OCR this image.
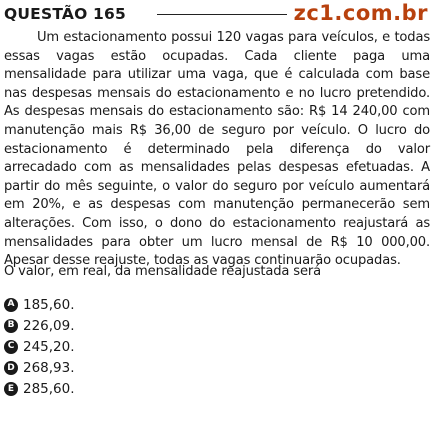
QUESTÃO 165	zc1.com.br

Um estacionamento possui 120 vagas para veículos, e todas essas vagas estão ocupadas. Cada cliente paga uma mensalidade para utilizar uma vaga, que é calculada com base nas despesas mensais do estacionamento e no lucro pretendido. As despesas mensais do estacionamento são: R$ 14 240,00 com manutenção mais R$ 36,00 de seguro por veículo. O lucro do estacionamento é determinado pela diferença do valor arrecadado com as mensalidades pelas despesas efetuadas. A partir do mês seguinte, o valor do seguro por veículo aumentará em 20%, e as despesas com manutenção permanecerão sem alterações. Com isso, o dono do estacionamento reajustará as mensalidades para obter um lucro mensal de R$ 10 000,00. Apesar desse reajuste, todas as vagas continuarão ocupadas.

O valor, em real, da mensalidade reajustada será

A 185,60.
B 226,09.
C 245,20.
D 268,93.
E 285,60.
